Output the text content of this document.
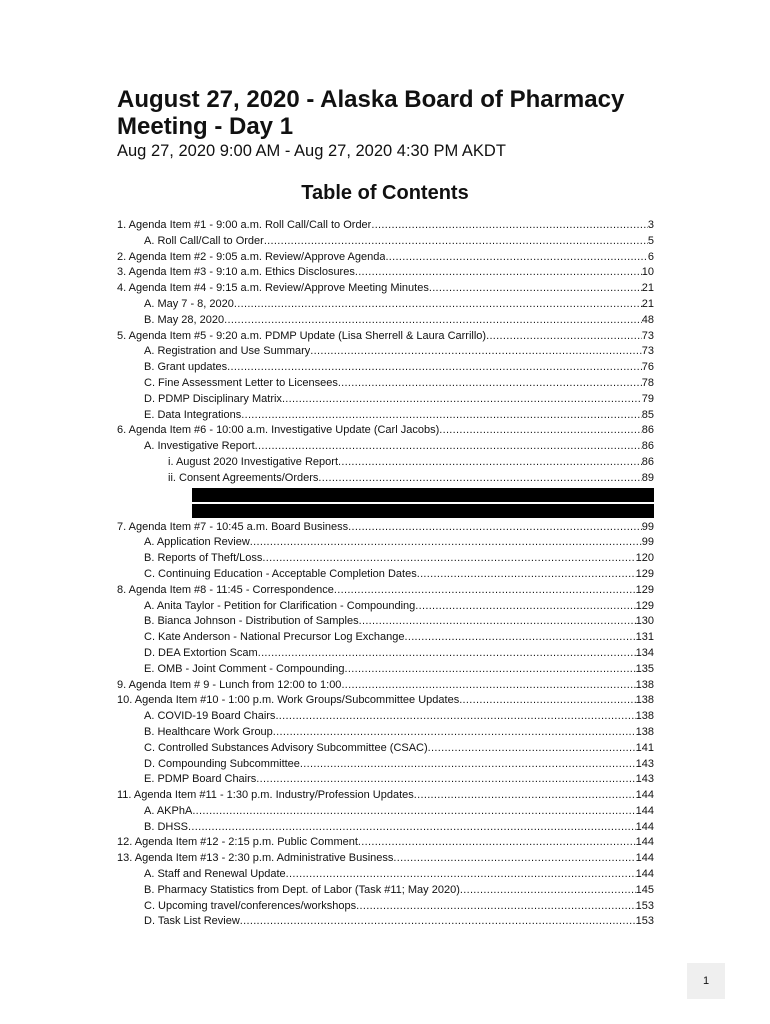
August 27, 2020 - Alaska Board of Pharmacy Meeting - Day 1

Aug 27, 2020 9:00 AM - Aug 27, 2020 4:30 PM AKDT

Table of Contents
1. Agenda Item #1 - 9:00 a.m. Roll Call/Call to Order .....	3
A. Roll Call/Call to Order .....	5
2. Agenda Item #2 - 9:05 a.m. Review/Approve Agenda .....	6
3. Agenda Item #3 - 9:10 a.m. Ethics Disclosures .....	10
4. Agenda Item #4 - 9:15 a.m. Review/Approve Meeting Minutes .....	21
A. May 7 - 8, 2020 .....	21
B. May 28, 2020 .....	48
5. Agenda Item #5 - 9:20 a.m. PDMP Update (Lisa Sherrell & Laura Carrillo) .....	73
A. Registration and Use Summary .....	73
B. Grant updates .....	76
C. Fine Assessment Letter to Licensees .....	78
D. PDMP Disciplinary Matrix .....	79
E. Data Integrations .....	85
6. Agenda Item #6 - 10:00 a.m. Investigative Update (Carl Jacobs) .....	86
A. Investigative Report .....	86
i. August 2020 Investigative Report .....	86
ii. Consent Agreements/Orders .....	89
7. Agenda Item #7 - 10:45 a.m. Board Business .....	99
A. Application Review .....	99
B. Reports of Theft/Loss .....	120
C. Continuing Education - Acceptable Completion Dates .....	129
8. Agenda Item #8 - 11:45 - Correspondence .....	129
A. Anita Taylor - Petition for Clarification - Compounding .....	129
B. Bianca Johnson - Distribution of Samples .....	130
C. Kate Anderson - National Precursor Log Exchange .....	131
D. DEA Extortion Scam .....	134
E. OMB - Joint Comment - Compounding .....	135
9. Agenda Item # 9 - Lunch from 12:00 to 1:00 .....	138
10. Agenda Item #10 - 1:00 p.m. Work Groups/Subcommittee Updates .....	138
A. COVID-19 Board Chairs .....	138
B. Healthcare Work Group .....	138
C. Controlled Substances Advisory Subcommittee (CSAC) .....	141
D. Compounding Subcommittee .....	143
E. PDMP Board Chairs .....	143
11. Agenda Item #11 - 1:30 p.m. Industry/Profession Updates .....	144
A. AKPhA .....	144
B. DHSS .....	144
12. Agenda Item #12 - 2:15 p.m. Public Comment .....	144
13. Agenda Item #13 - 2:30 p.m. Administrative Business .....	144
A. Staff and Renewal Update .....	144
B. Pharmacy Statistics from Dept. of Labor (Task #11; May 2020) .....	145
C. Upcoming travel/conferences/workshops .....	153
D. Task List Review .....	153
1
